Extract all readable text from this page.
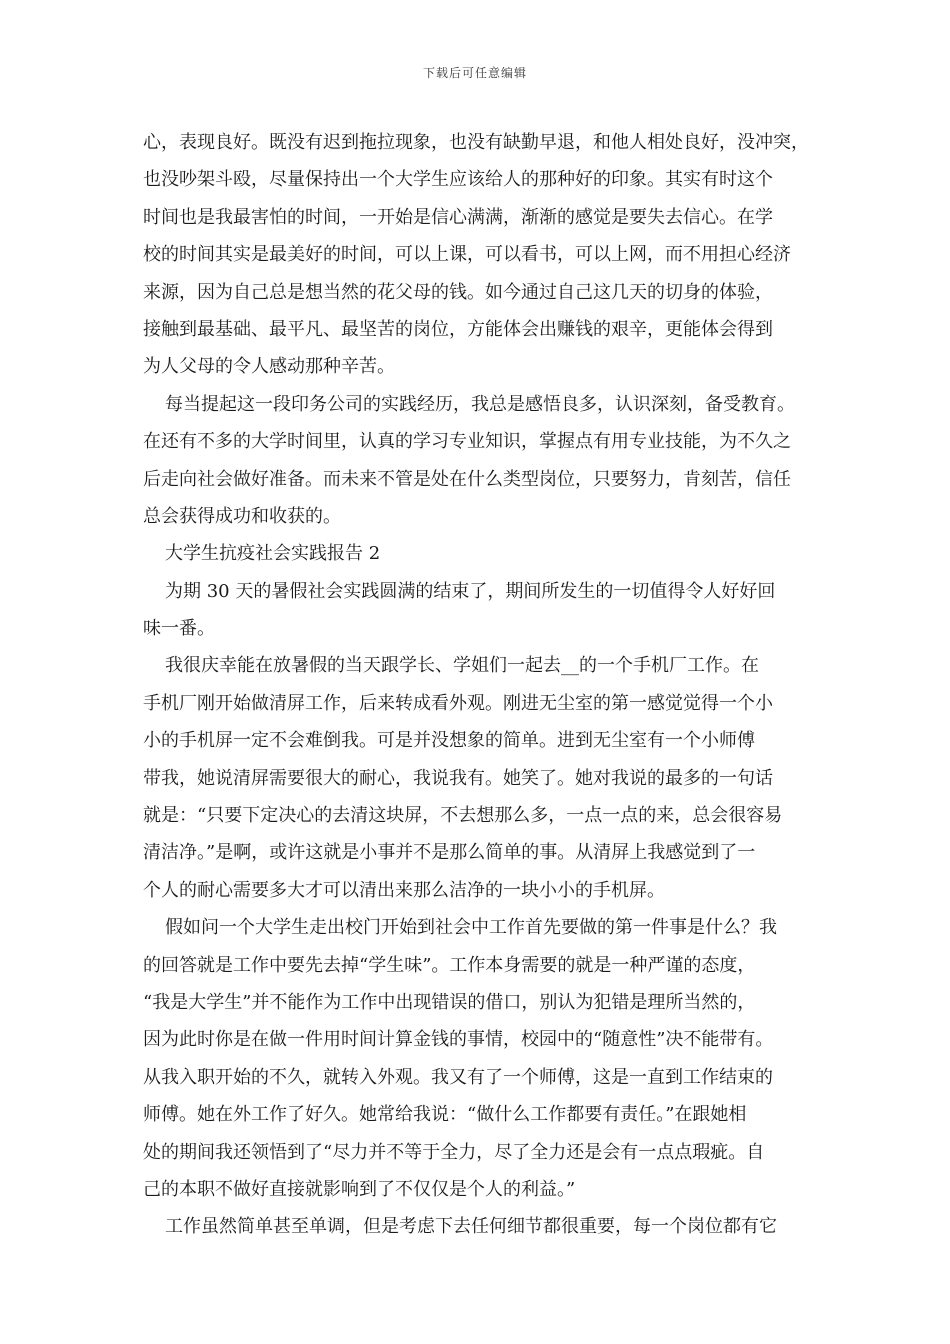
下载后可任意编辑
心，表现良好。既没有迟到拖拉现象，也没有缺勤早退，和他人相处良好，没冲突，
也没吵架斗殴，尽量保持出一个大学生应该给人的那种好的印象。其实有时这个
时间也是我最害怕的时间，一开始是信心满满，渐渐的感觉是要失去信心。在学
校的时间其实是最美好的时间，可以上课，可以看书，可以上网，而不用担心经济
来源，因为自己总是想当然的花父母的钱。如今通过自己这几天的切身的体验，
接触到最基础、最平凡、最坚苦的岗位，方能体会出赚钱的艰辛，更能体会得到
为人父母的令人感动那种辛苦。
每当提起这一段印务公司的实践经历，我总是感悟良多，认识深刻，备受教育。
在还有不多的大学时间里，认真的学习专业知识，掌握点有用专业技能，为不久之
后走向社会做好准备。而未来不管是处在什么类型岗位，只要努力，肯刻苦，信任
总会获得成功和收获的。
大学生抗疫社会实践报告 2
为期 30 天的暑假社会实践圆满的结束了，期间所发生的一切值得令人好好回
味一番。
我很庆幸能在放暑假的当天跟学长、学姐们一起去__的一个手机厂工作。在
手机厂刚开始做清屏工作，后来转成看外观。刚进无尘室的第一感觉觉得一个小
小的手机屏一定不会难倒我。可是并没想象的简单。进到无尘室有一个小师傅
带我，她说清屏需要很大的耐心，我说我有。她笑了。她对我说的最多的一句话
就是：“只要下定决心的去清这块屏，不去想那么多，一点一点的来，总会很容易
清洁净。”是啊，或许这就是小事并不是那么简单的事。从清屏上我感觉到了一
个人的耐心需要多大才可以清出来那么洁净的一块小小的手机屏。
假如问一个大学生走出校门开始到社会中工作首先要做的第一件事是什么？我
的回答就是工作中要先去掉“学生味”。工作本身需要的就是一种严谨的态度，
“我是大学生”并不能作为工作中出现错误的借口，别认为犯错是理所当然的，
因为此时你是在做一件用时间计算金钱的事情，校园中的“随意性”决不能带有。
从我入职开始的不久，就转入外观。我又有了一个师傅，这是一直到工作结束的
师傅。她在外工作了好久。她常给我说：“做什么工作都要有责任。”在跟她相
处的期间我还领悟到了“尽力并不等于全力，尽了全力还是会有一点点瑕疵。自
己的本职不做好直接就影响到了不仅仅是个人的利益。”
工作虽然简单甚至单调，但是考虑下去任何细节都很重要，每一个岗位都有它
